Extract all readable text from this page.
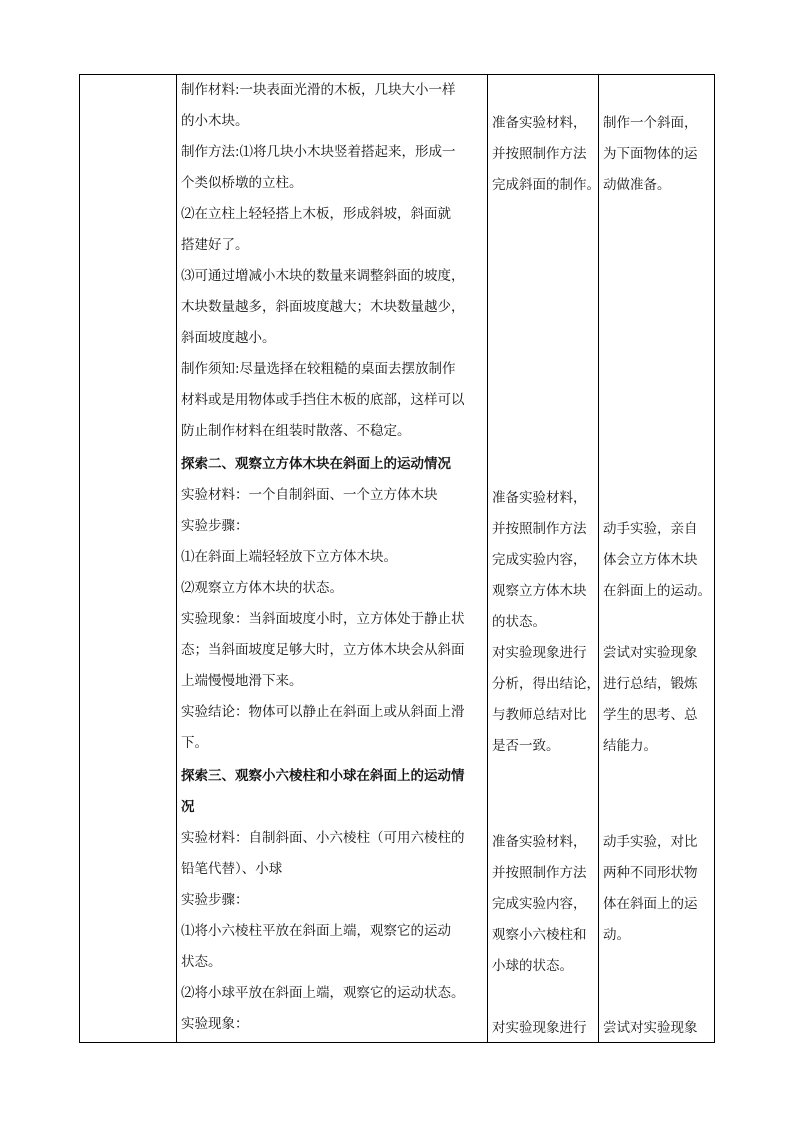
制作材料:一块表面光滑的木板，几块大小一样
的小木块。
制作方法:⑴将几块小木块竖着搭起来，形成一
个类似桥墩的立柱。
⑵在立柱上轻轻搭上木板，形成斜坡，斜面就
搭建好了。
⑶可通过增减小木块的数量来调整斜面的坡度，
木块数量越多，斜面坡度越大；木块数量越少，
斜面坡度越小。
制作须知:尽量选择在较粗糙的桌面去摆放制作
材料或是用物体或手挡住木板的底部，这样可以
防止制作材料在组装时散落、不稳定。
探索二、观察立方体木块在斜面上的运动情况
实验材料：一个自制斜面、一个立方体木块
实验步骤：
⑴在斜面上端轻轻放下立方体木块。
⑵观察立方体木块的状态。
实验现象：当斜面坡度小时，立方体处于静止状
态；当斜面坡度足够大时，立方体木块会从斜面
上端慢慢地滑下来。
实验结论：物体可以静止在斜面上或从斜面上滑
下。
探索三、观察小六棱柱和小球在斜面上的运动情
况
实验材料：自制斜面、小六棱柱（可用六棱柱的
铅笔代替）、小球
实验步骤：
⑴将小六棱柱平放在斜面上端，观察它的运动
状态。
⑵将小球平放在斜面上端，观察它的运动状态。
实验现象：
准备实验材料，
并按照制作方法
完成斜面的制作。
准备实验材料，
并按照制作方法
完成实验内容，
观察立方体木块
的状态。
对实验现象进行
分析，得出结论，
与教师总结对比
是否一致。
准备实验材料，
并按照制作方法
完成实验内容，
观察小六棱柱和
小球的状态。
对实验现象进行
制作一个斜面，
为下面物体的运
动做准备。
动手实验，亲自
体会立方体木块
在斜面上的运动。
尝试对实验现象
进行总结，锻炼
学生的思考、总
结能力。
动手实验，对比
两种不同形状物
体在斜面上的运
动。
尝试对实验现象
